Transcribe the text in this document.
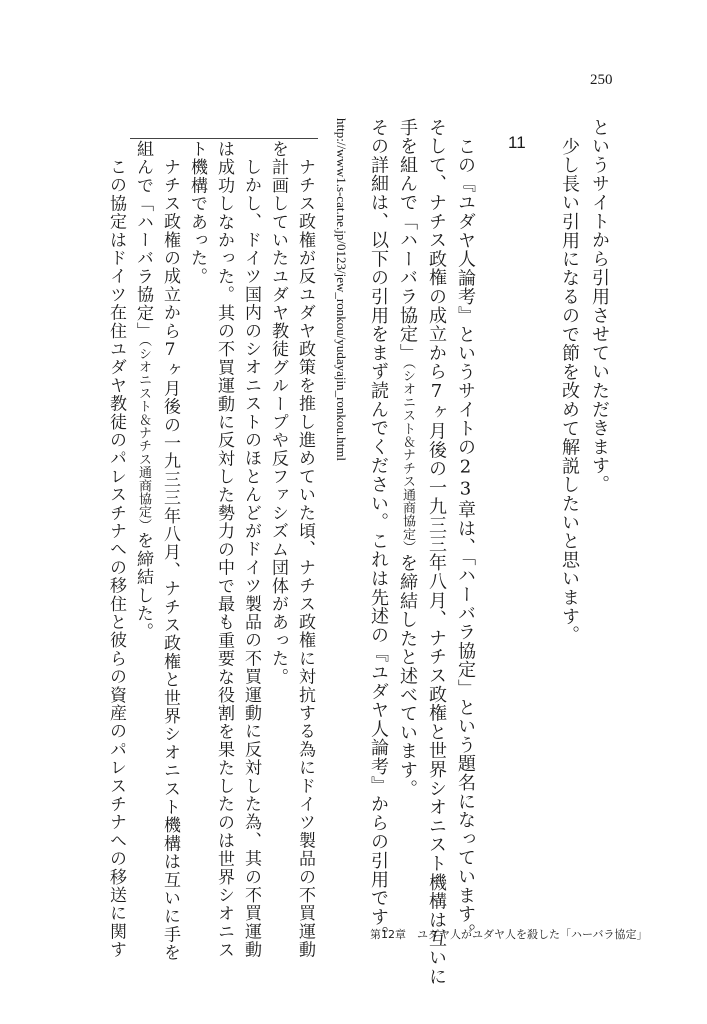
250
というサイトから引用させていただきます。
少し長い引用になるので節を改めて解説したいと思います。
11
この『ユダヤ人論考』というサイトの23章は、「ハーバラ協定」という題名になっています。
そして、ナチス政権の成立から7ヶ月後の一九三三年八月、ナチス政権と世界シオニスト機構は互いに
手を組んで「ハーバラ協定」（シオニスト＆ナチス通商協定）を締結したと述べています。
その詳細は、以下の引用をまず読んでください。これは先述の『ユダヤ人論考』からの引用です。
http://www1.s-cat.ne.jp/0123/jew_ronkou/yudayajin_ronkou.html
ナチス政権が反ユダヤ政策を推し進めていた頃、ナチス政権に対抗する為にドイツ製品の不買運動
を計画していたユダヤ教徒グループや反ファシズム団体があった。
しかし、ドイツ国内のシオニストのほとんどがドイツ製品の不買運動に反対した為、其の不買運動
は成功しなかった。其の不買運動に反対した勢力の中で最も重要な役割を果たしたのは世界シオニス
ト機構であった。
ナチス政権の成立から7ヶ月後の一九三三年八月、ナチス政権と世界シオニスト機構は互いに手を
組んで「ハーバラ協定」（シオニスト＆ナチス通商協定）を締結した。
この協定はドイツ在住ユダヤ教徒のパレスチナへの移住と彼らの資産のパレスチナへの移送に関す	第12章　ユダヤ人がユダヤ人を殺した「ハーバラ協定」
